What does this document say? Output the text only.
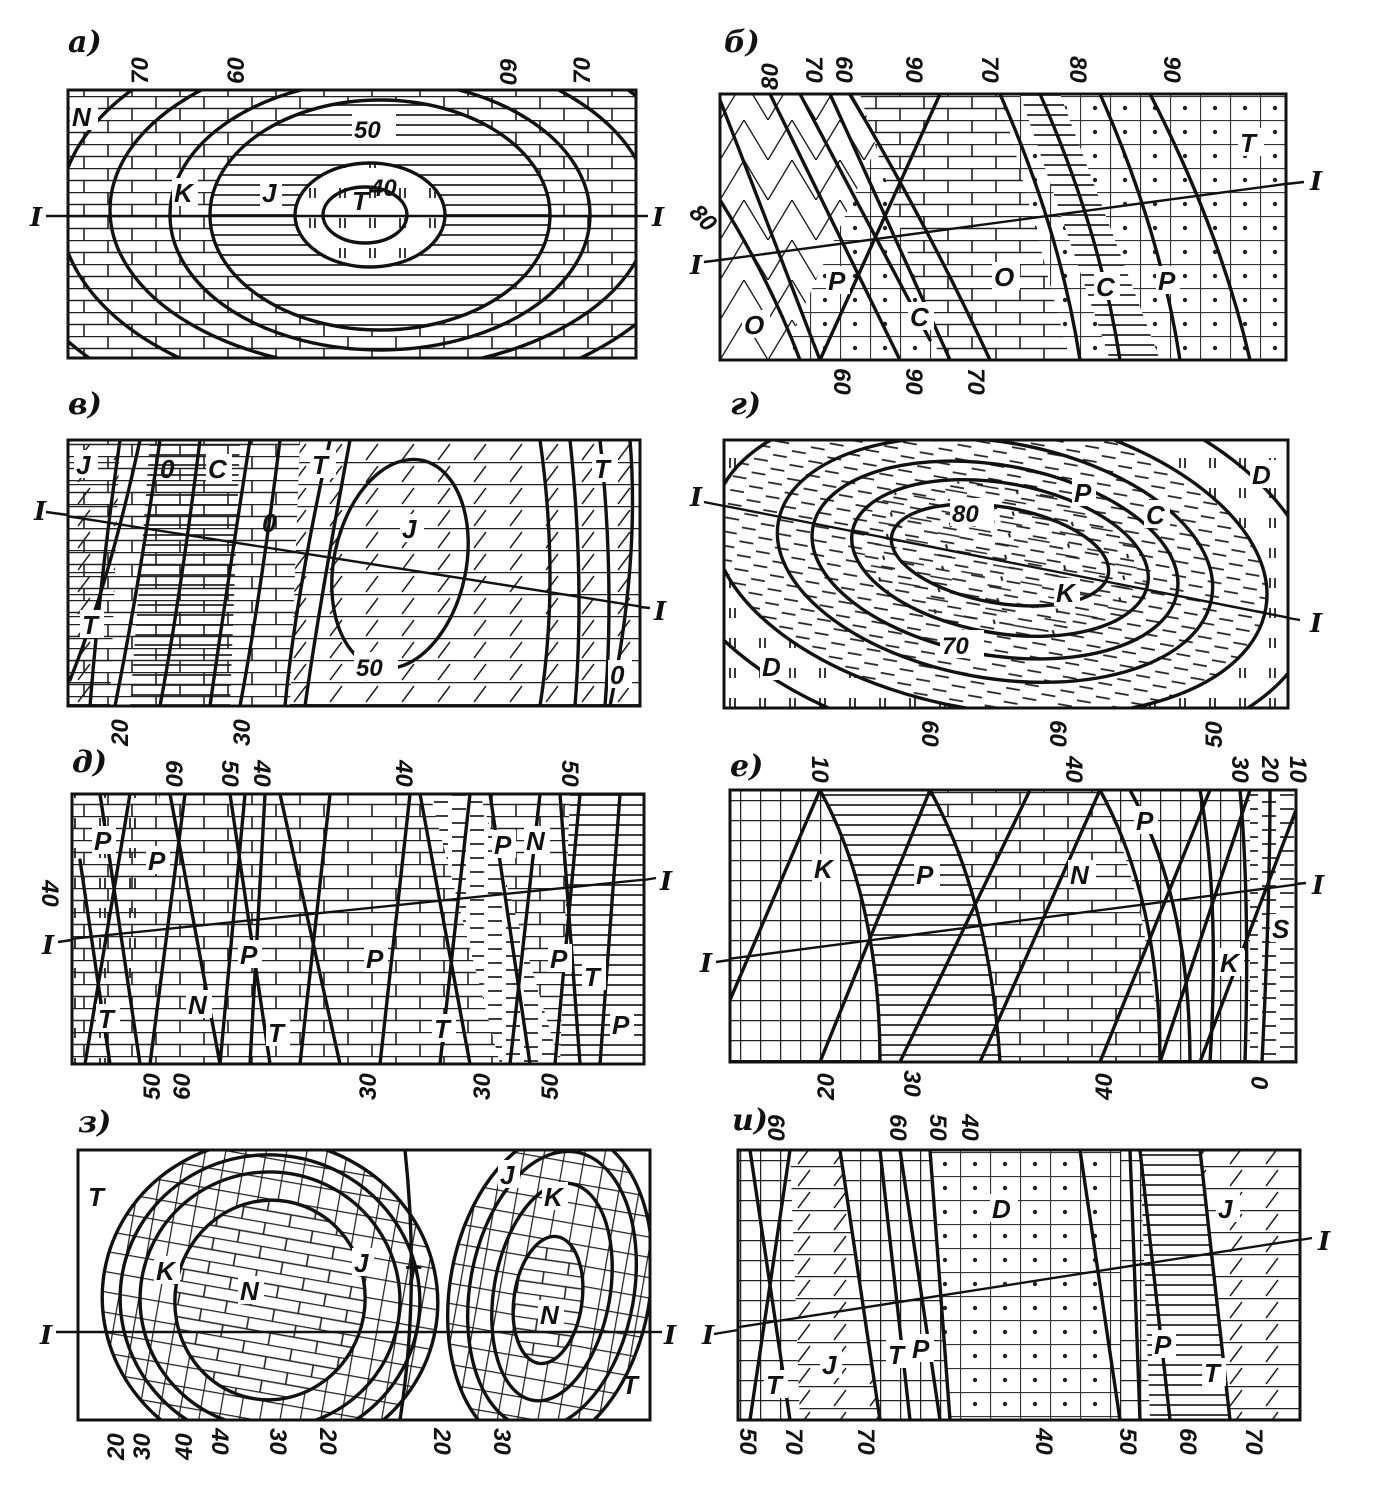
а)
I	I
N
K	J	T
50
40
70	60	60 70
б)
I
I
T
P	O	C P
O	C
80 70 60 90 70	80	90
60 90 70
80
в)
I
I
J	0 C	T	T
0	J
T
0
50
20	30
г)
I
I
D
P
C
K
D
80
70
60	60	50
д)
I
I
P
P
P
N
P
P
P
N
T	T	T
T
P
60 50 40	40	50
50 60	30	30 50
40
е)
I
I
K	P	N
P
S
K
10	40	30 20 10
20 30	40	0
з)
I	I
T
K
N
J T
J
K
N
T
20 30 40 40 30 20	20 30
и)
I
I
D	J
J T P	P
T
T
60	60 50 40
50 70 70	40 50 60 70
